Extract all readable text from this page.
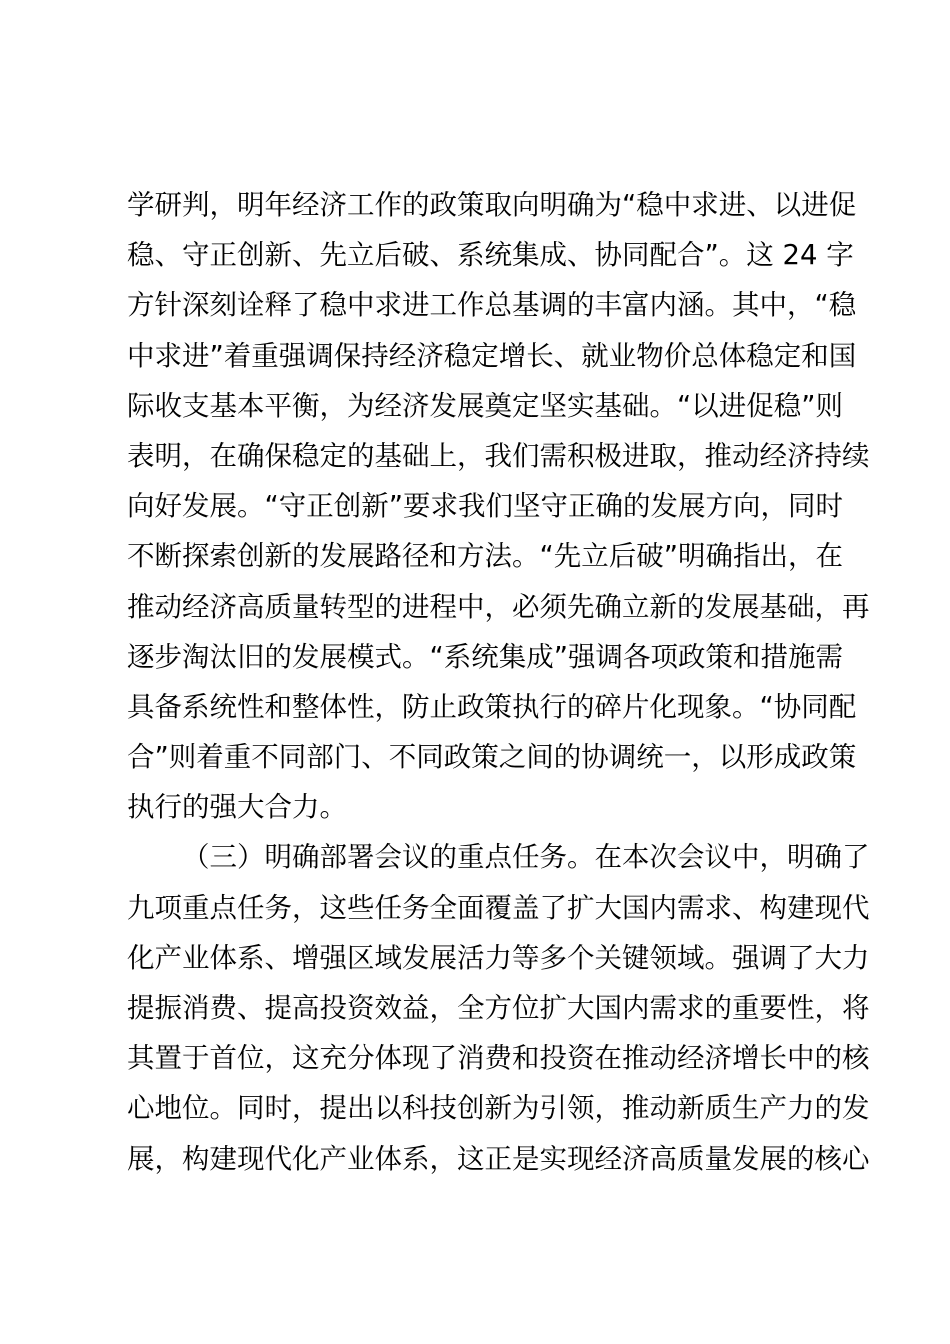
学研判，明年经济工作的政策取向明确为“稳中求进、以进促
稳、守正创新、先立后破、系统集成、协同配合”。这 24 字
方针深刻诠释了稳中求进工作总基调的丰富内涵。其中，“稳
中求进”着重强调保持经济稳定增长、就业物价总体稳定和国
际收支基本平衡，为经济发展奠定坚实基础。“以进促稳”则
表明，在确保稳定的基础上，我们需积极进取，推动经济持续
向好发展。“守正创新”要求我们坚守正确的发展方向，同时
不断探索创新的发展路径和方法。“先立后破”明确指出，在
推动经济高质量转型的进程中，必须先确立新的发展基础，再
逐步淘汰旧的发展模式。“系统集成”强调各项政策和措施需
具备系统性和整体性，防止政策执行的碎片化现象。“协同配
合”则着重不同部门、不同政策之间的协调统一，以形成政策
执行的强大合力。
（三）明确部署会议的重点任务。在本次会议中，明确了
九项重点任务，这些任务全面覆盖了扩大国内需求、构建现代
化产业体系、增强区域发展活力等多个关键领域。强调了大力
提振消费、提高投资效益，全方位扩大国内需求的重要性，将
其置于首位，这充分体现了消费和投资在推动经济增长中的核
心地位。同时，提出以科技创新为引领，推动新质生产力的发
展，构建现代化产业体系，这正是实现经济高质量发展的核心
